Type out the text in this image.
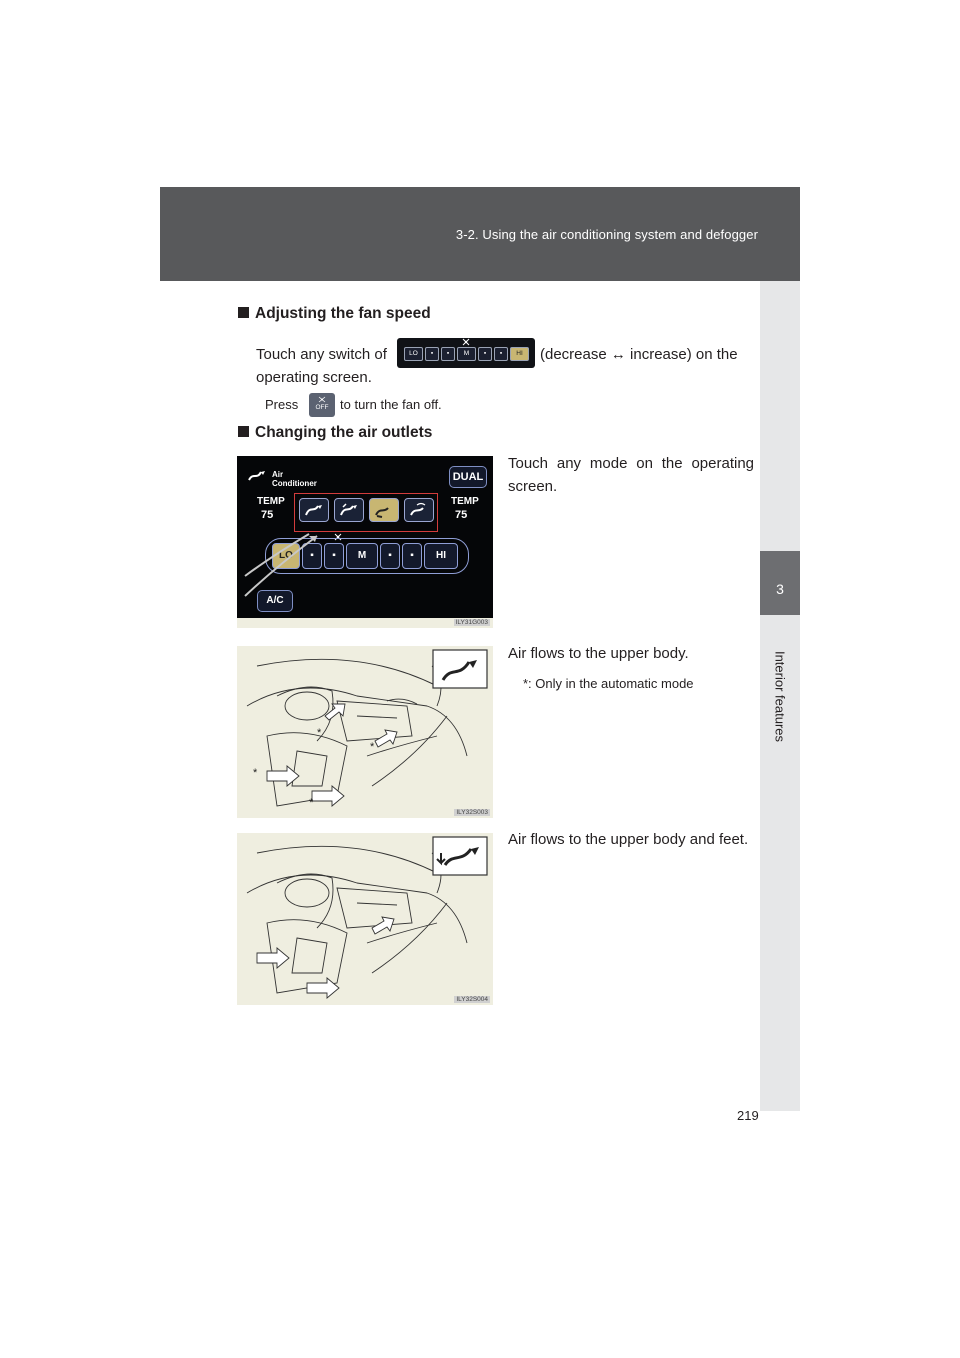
3-2. Using the air conditioning system and defogger
3
Interior features
Adjusting the fan speed
Touch any switch of	LO	▪	▪	M	▪	▪	HI	(decrease ↔ increase) on the
operating screen.
Press	OFF to turn the fan off.
Changing the air outlets
Air
Conditioner
DUAL
TEMP
75
TEMP
75
LO	▪	▪	M	▪	▪	HI
A/C
ILY31G003
Touch any mode on the operating screen.
*
*
*
*
ILY32S003
Air flows to the upper body.
*: Only in the automatic mode
ILY32S004
Air flows to the upper body and feet.
219
